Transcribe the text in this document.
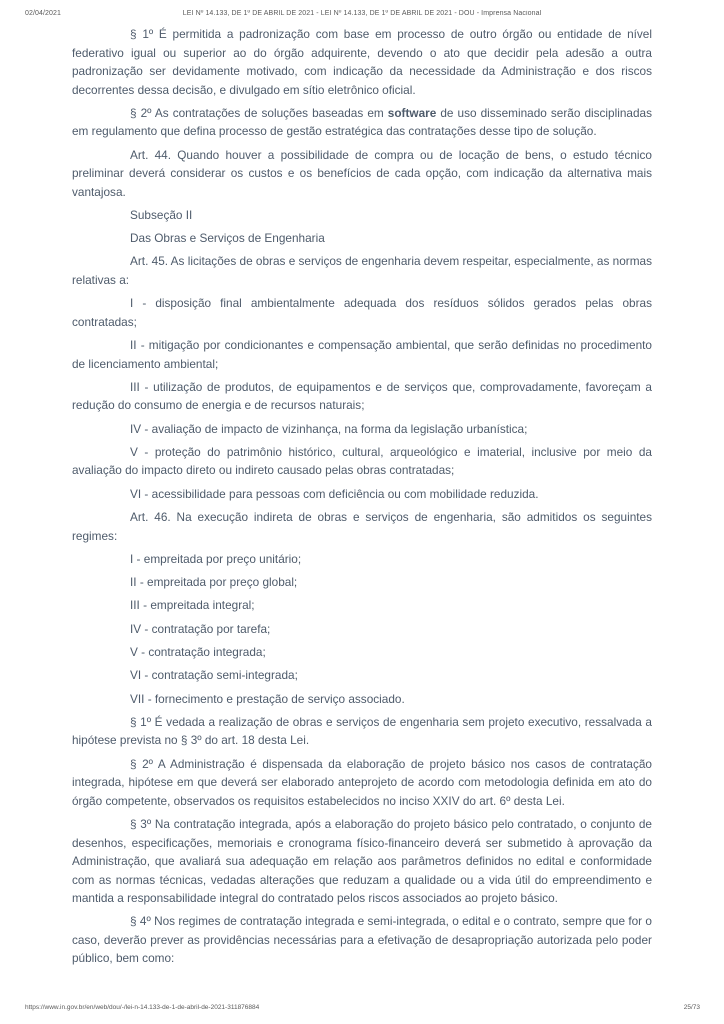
02/04/2021	LEI Nº 14.133, DE 1º DE ABRIL DE 2021 - LEI Nº 14.133, DE 1º DE ABRIL DE 2021 - DOU - Imprensa Nacional

§ 1º É permitida a padronização com base em processo de outro órgão ou entidade de nível federativo igual ou superior ao do órgão adquirente, devendo o ato que decidir pela adesão a outra padronização ser devidamente motivado, com indicação da necessidade da Administração e dos riscos decorrentes dessa decisão, e divulgado em sítio eletrônico oficial.

§ 2º As contratações de soluções baseadas em software de uso disseminado serão disciplinadas em regulamento que defina processo de gestão estratégica das contratações desse tipo de solução.

Art. 44. Quando houver a possibilidade de compra ou de locação de bens, o estudo técnico preliminar deverá considerar os custos e os benefícios de cada opção, com indicação da alternativa mais vantajosa.

Subseção II

Das Obras e Serviços de Engenharia

Art. 45. As licitações de obras e serviços de engenharia devem respeitar, especialmente, as normas relativas a:

I - disposição final ambientalmente adequada dos resíduos sólidos gerados pelas obras contratadas;

II - mitigação por condicionantes e compensação ambiental, que serão definidas no procedimento de licenciamento ambiental;

III - utilização de produtos, de equipamentos e de serviços que, comprovadamente, favoreçam a redução do consumo de energia e de recursos naturais;

IV - avaliação de impacto de vizinhança, na forma da legislação urbanística;

V - proteção do patrimônio histórico, cultural, arqueológico e imaterial, inclusive por meio da avaliação do impacto direto ou indireto causado pelas obras contratadas;

VI - acessibilidade para pessoas com deficiência ou com mobilidade reduzida.

Art. 46. Na execução indireta de obras e serviços de engenharia, são admitidos os seguintes regimes:

I - empreitada por preço unitário;

II - empreitada por preço global;

III - empreitada integral;

IV - contratação por tarefa;

V - contratação integrada;

VI - contratação semi-integrada;

VII - fornecimento e prestação de serviço associado.

§ 1º É vedada a realização de obras e serviços de engenharia sem projeto executivo, ressalvada a hipótese prevista no § 3º do art. 18 desta Lei.

§ 2º A Administração é dispensada da elaboração de projeto básico nos casos de contratação integrada, hipótese em que deverá ser elaborado anteprojeto de acordo com metodologia definida em ato do órgão competente, observados os requisitos estabelecidos no inciso XXIV do art. 6º desta Lei.

§ 3º Na contratação integrada, após a elaboração do projeto básico pelo contratado, o conjunto de desenhos, especificações, memoriais e cronograma físico-financeiro deverá ser submetido à aprovação da Administração, que avaliará sua adequação em relação aos parâmetros definidos no edital e conformidade com as normas técnicas, vedadas alterações que reduzam a qualidade ou a vida útil do empreendimento e mantida a responsabilidade integral do contratado pelos riscos associados ao projeto básico.

§ 4º Nos regimes de contratação integrada e semi-integrada, o edital e o contrato, sempre que for o caso, deverão prever as providências necessárias para a efetivação de desapropriação autorizada pelo poder público, bem como:

https://www.in.gov.br/en/web/dou/-/lei-n-14.133-de-1-de-abril-de-2021-311876884	25/73
